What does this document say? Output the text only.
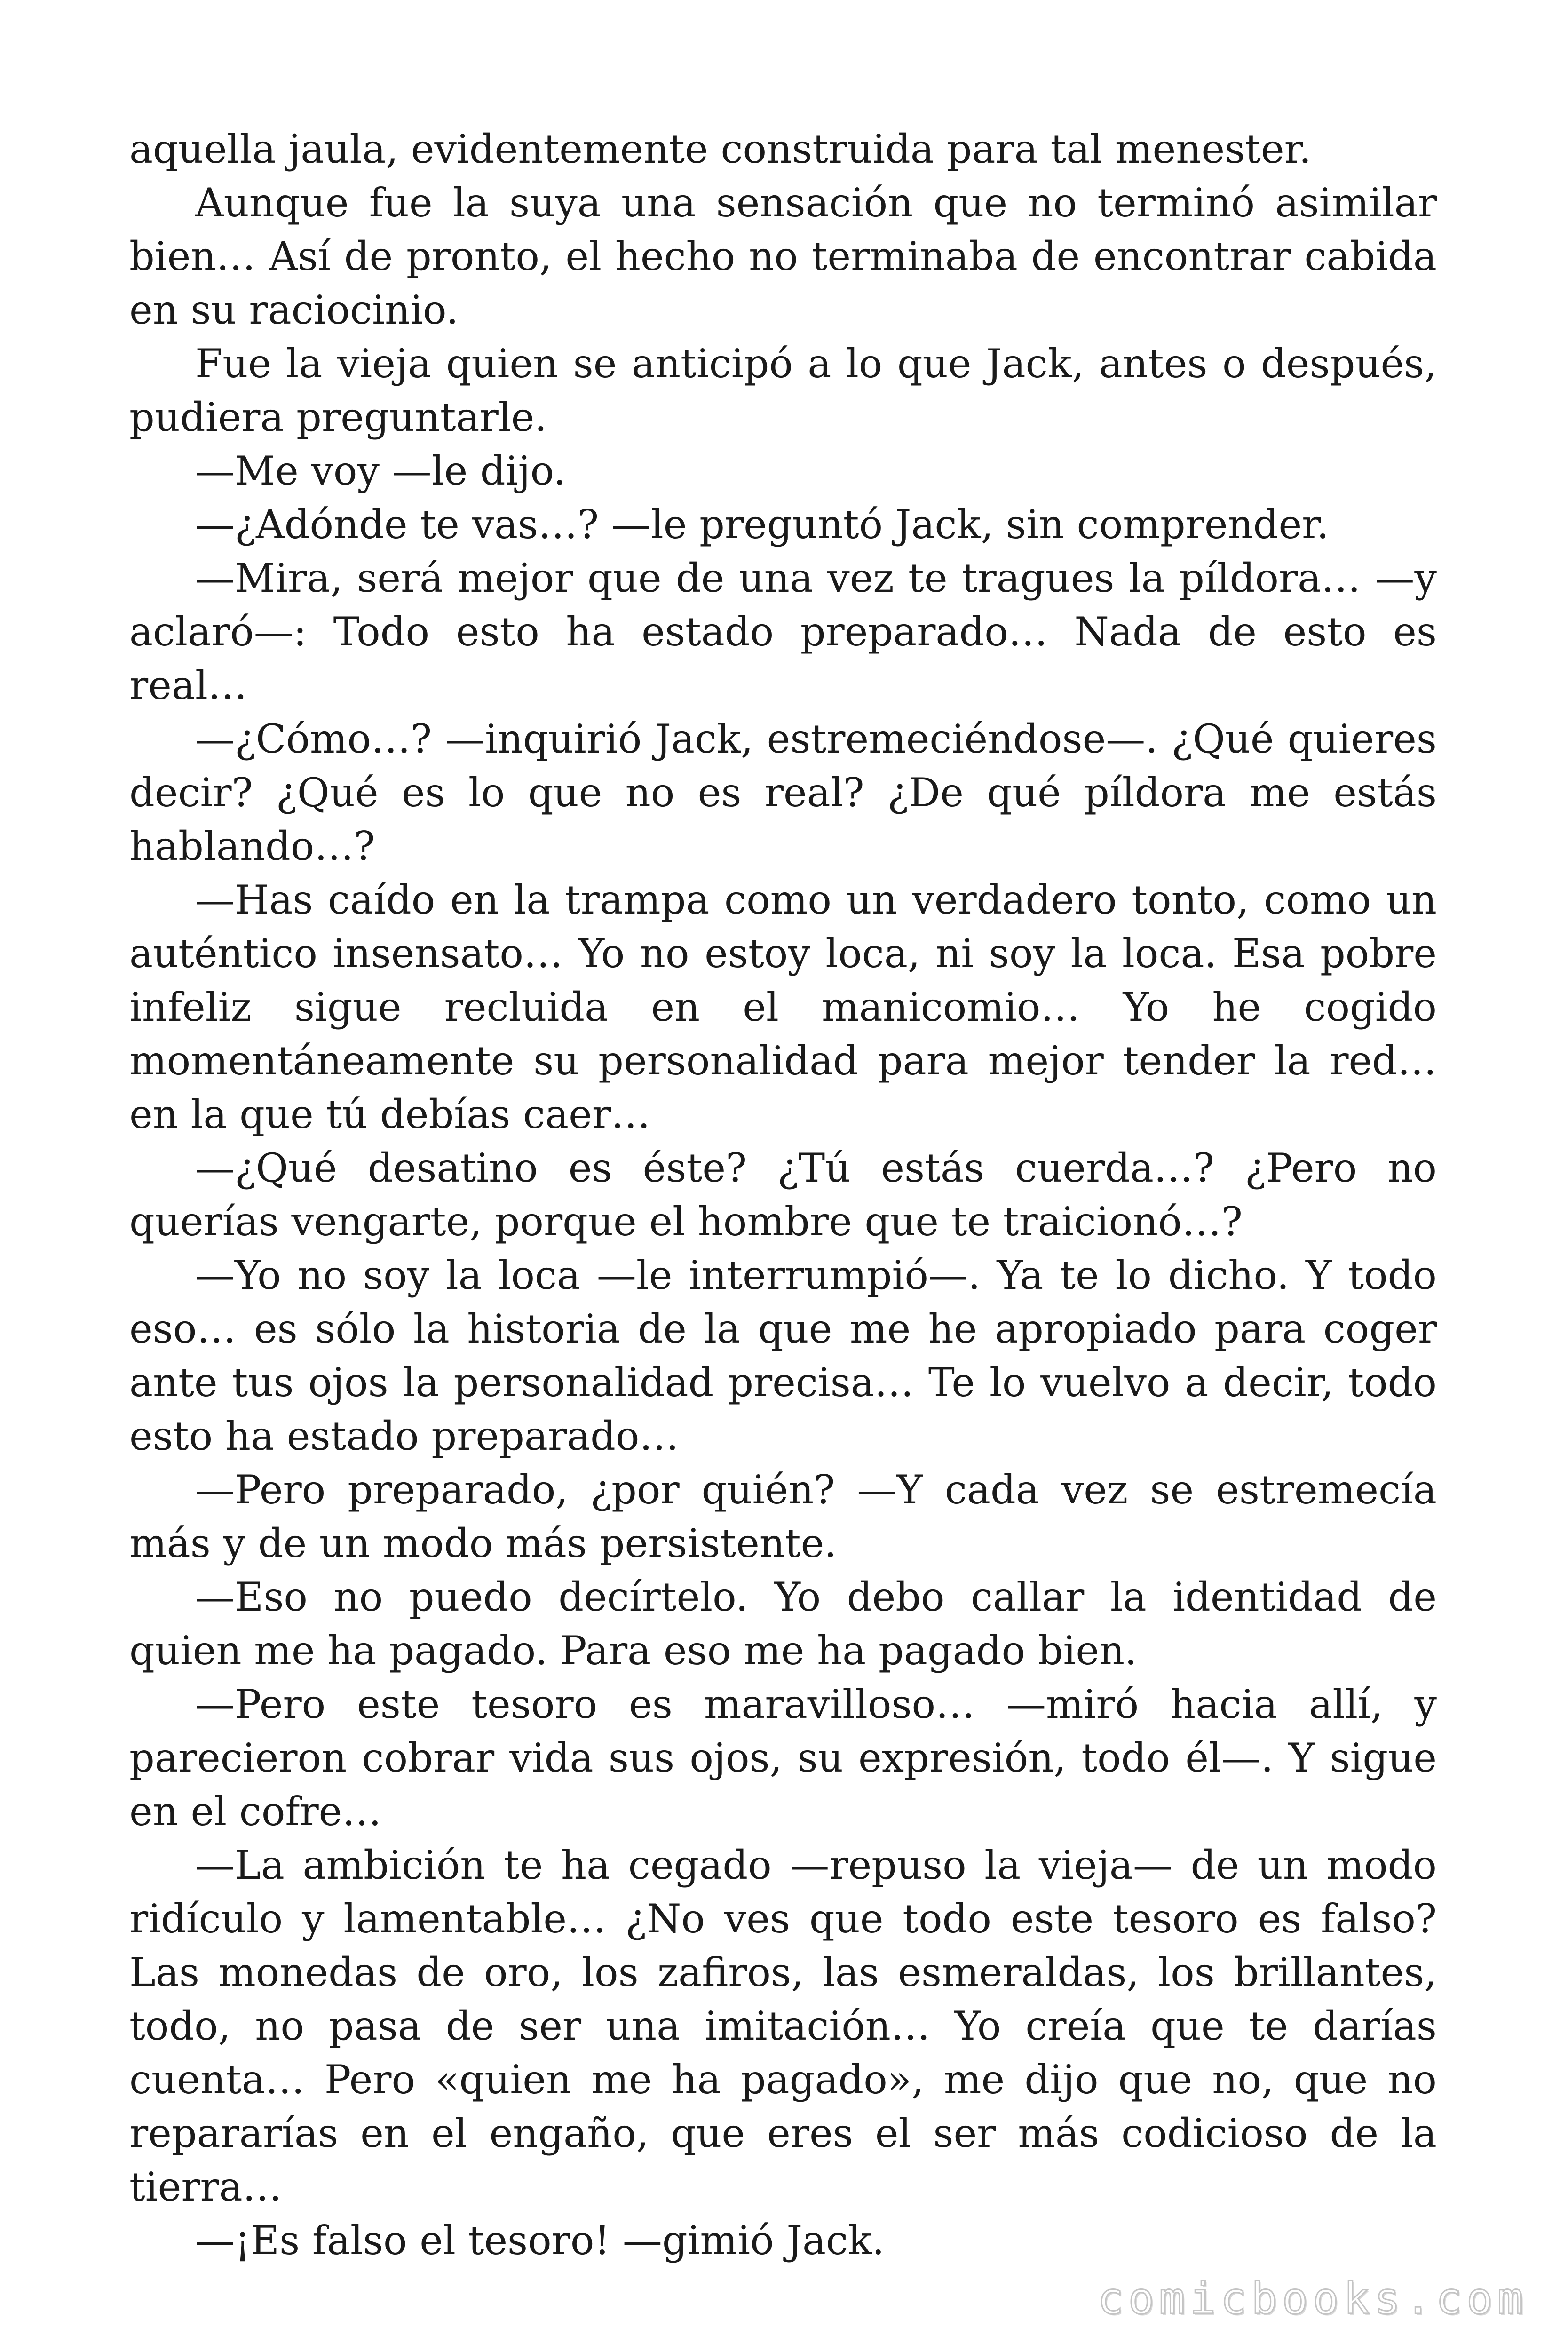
aquella jaula, evidentemente construida para tal menester.

Aunque fue la suya una sensación que no terminó asimilar bien… Así de pronto, el hecho no terminaba de encontrar cabida en su raciocinio.

Fue la vieja quien se anticipó a lo que Jack, antes o después, pudiera preguntarle.

—Me voy —le dijo.

—¿Adónde te vas…? —le preguntó Jack, sin comprender.

—Mira, será mejor que de una vez te tragues la píldora… —y aclaró—: Todo esto ha estado preparado… Nada de esto es real…

—¿Cómo…? —inquirió Jack, estremeciéndose—. ¿Qué quieres decir? ¿Qué es lo que no es real? ¿De qué píldora me estás hablando…?

—Has caído en la trampa como un verdadero tonto, como un auténtico insensato… Yo no estoy loca, ni soy la loca. Esa pobre infeliz sigue recluida en el manicomio… Yo he cogido momentáneamente su personalidad para mejor tender la red… en la que tú debías caer…

—¿Qué desatino es éste? ¿Tú estás cuerda…? ¿Pero no querías vengarte, porque el hombre que te traicionó…?

—Yo no soy la loca —le interrumpió—. Ya te lo dicho. Y todo eso… es sólo la historia de la que me he apropiado para coger ante tus ojos la personalidad precisa… Te lo vuelvo a decir, todo esto ha estado preparado…

—Pero preparado, ¿por quién? —Y cada vez se estremecía más y de un modo más persistente.

—Eso no puedo decírtelo. Yo debo callar la identidad de quien me ha pagado. Para eso me ha pagado bien.

—Pero este tesoro es maravilloso… —miró hacia allí, y parecieron cobrar vida sus ojos, su expresión, todo él—. Y sigue en el cofre…

—La ambición te ha cegado —repuso la vieja— de un modo ridículo y lamentable… ¿No ves que todo este tesoro es falso? Las monedas de oro, los zafiros, las esmeraldas, los brillantes, todo, no pasa de ser una imitación… Yo creía que te darías cuenta… Pero «quien me ha pagado», me dijo que no, que no repararías en el engaño, que eres el ser más codicioso de la tierra…

—¡Es falso el tesoro! —gimió Jack.

comicbooks.com
